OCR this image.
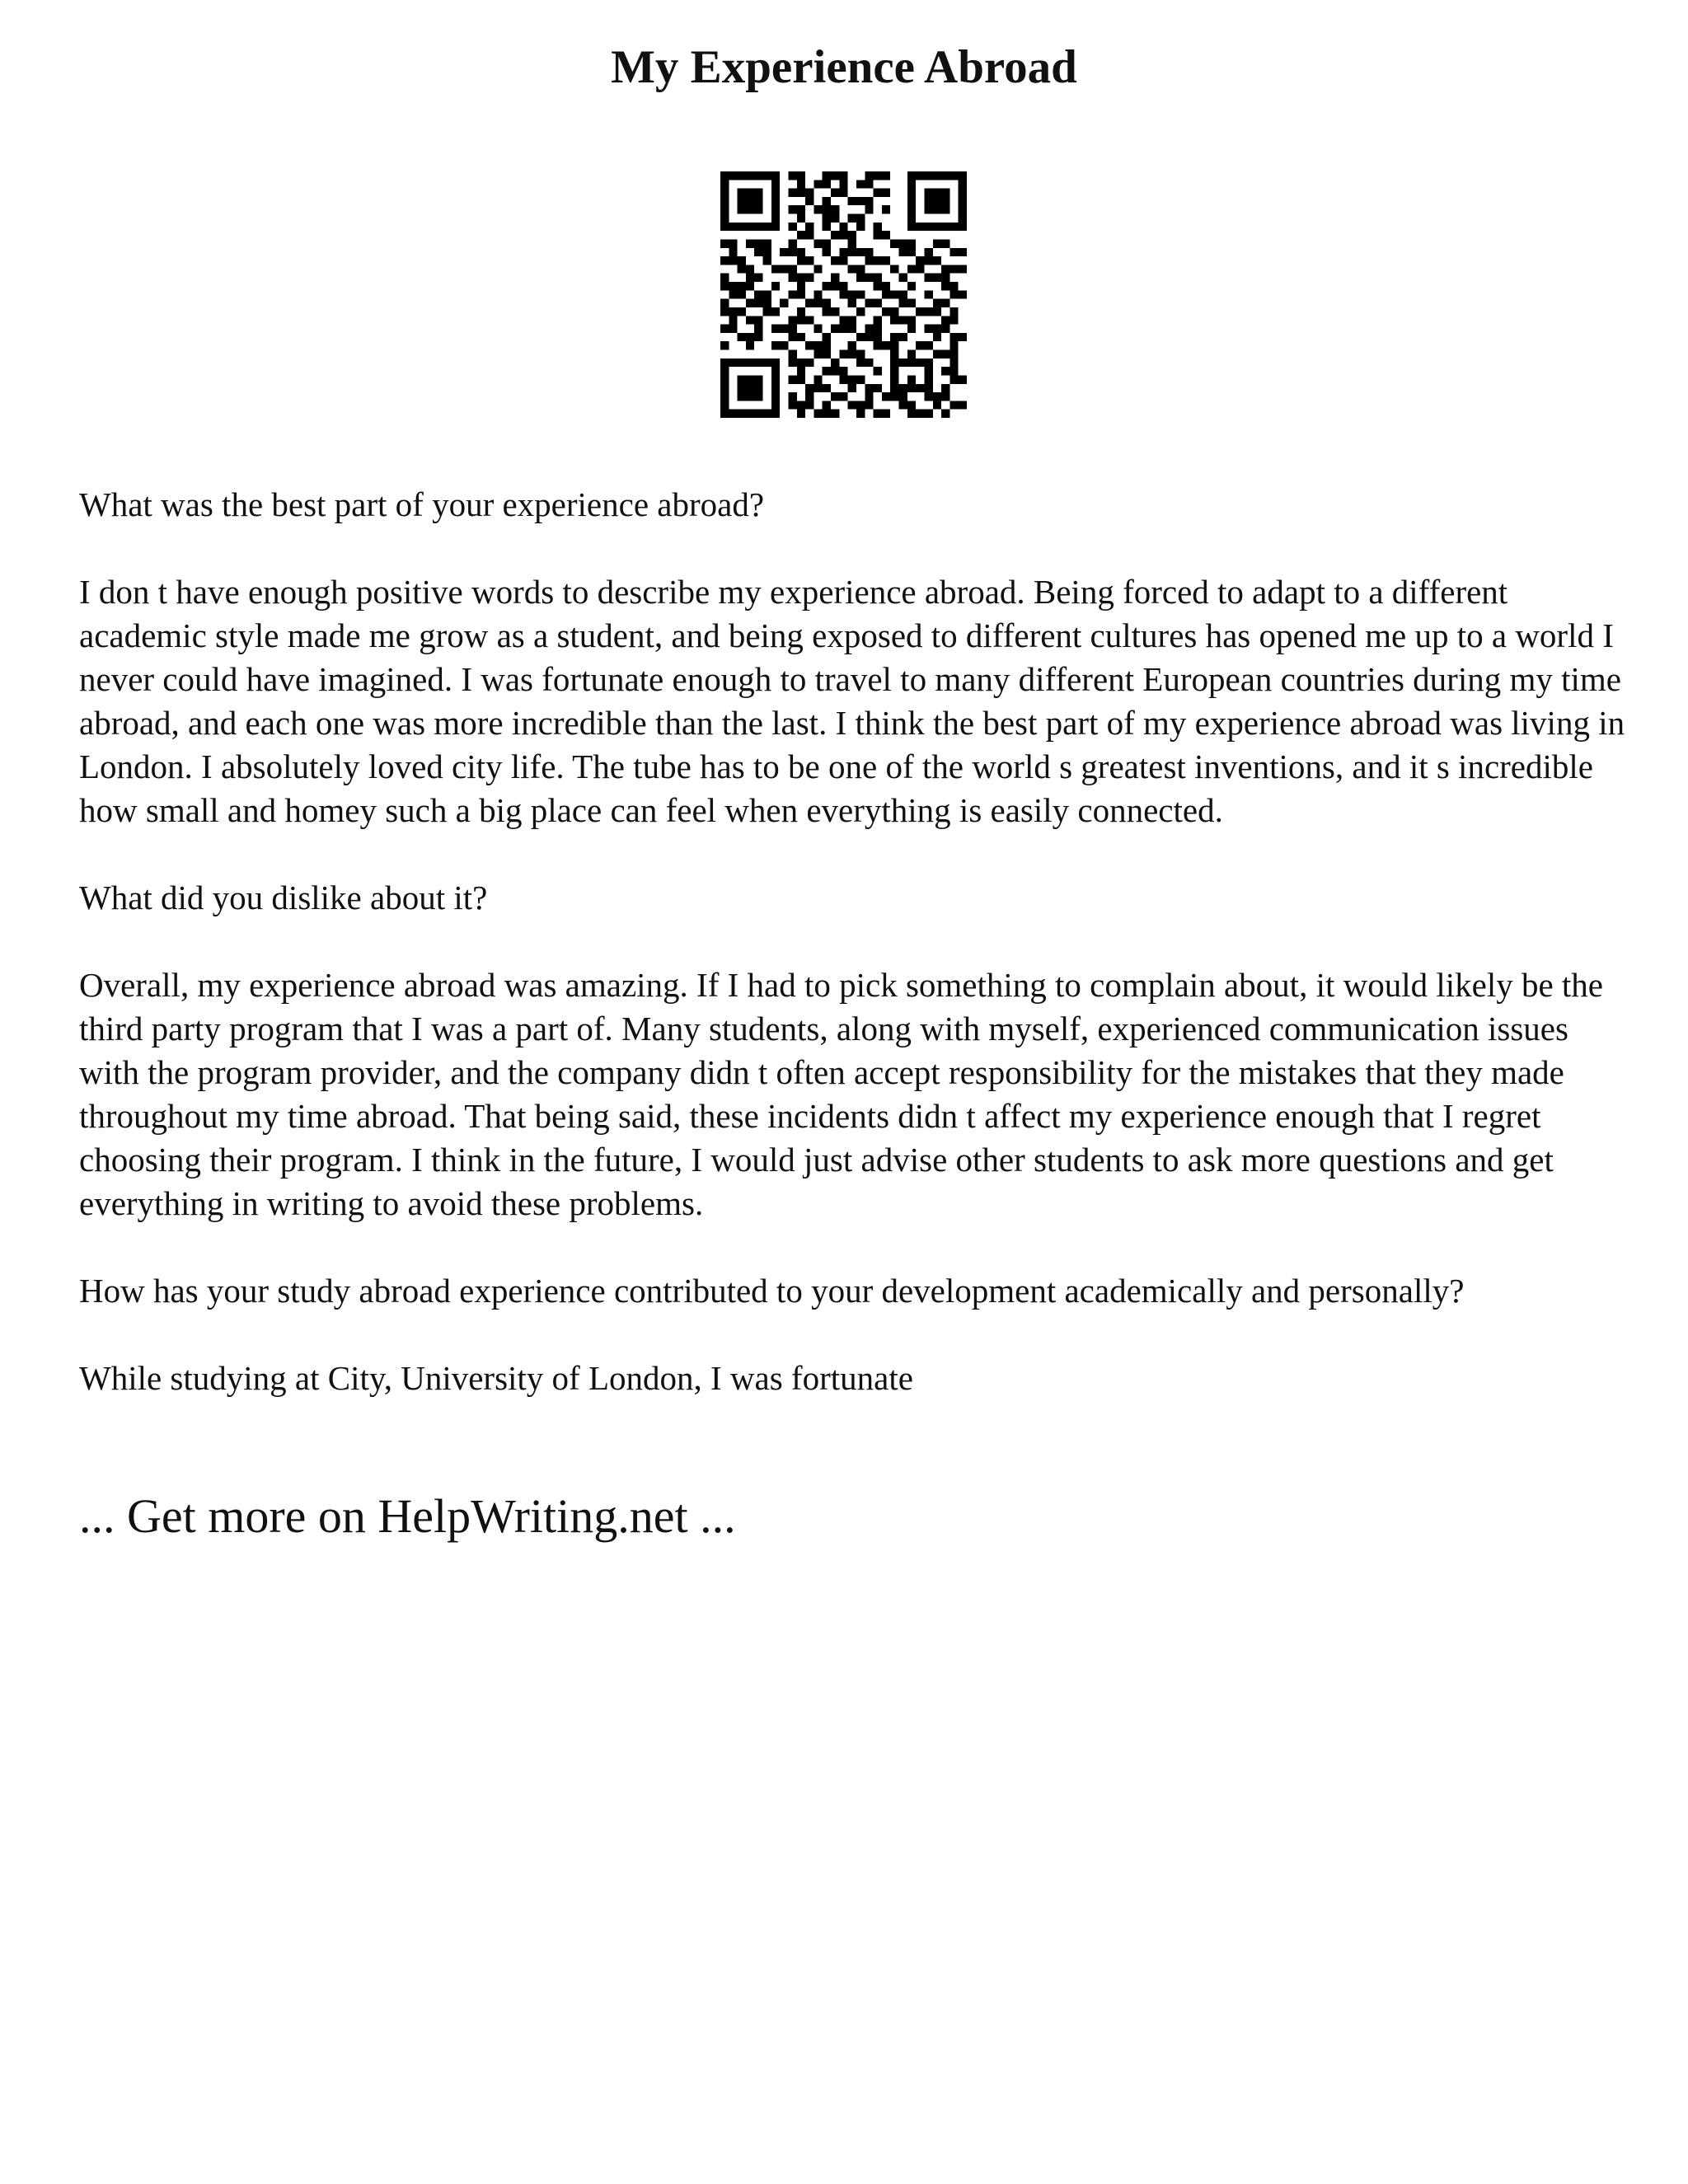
My Experience Abroad

What was the best part of your experience abroad?

I don t have enough positive words to describe my experience abroad. Being forced to adapt to a different academic style made me grow as a student, and being exposed to different cultures has opened me up to a world I never could have imagined. I was fortunate enough to travel to many different European countries during my time abroad, and each one was more incredible than the last. I think the best part of my experience abroad was living in London. I absolutely loved city life. The tube has to be one of the world s greatest inventions, and it s incredible how small and homey such a big place can feel when everything is easily connected.

What did you dislike about it?

Overall, my experience abroad was amazing. If I had to pick something to complain about, it would likely be the third party program that I was a part of. Many students, along with myself, experienced communication issues with the program provider, and the company didn t often accept responsibility for the mistakes that they made throughout my time abroad. That being said, these incidents didn t affect my experience enough that I regret choosing their program. I think in the future, I would just advise other students to ask more questions and get everything in writing to avoid these problems.

How has your study abroad experience contributed to your development academically and personally?

While studying at City, University of London, I was fortunate

... Get more on HelpWriting.net ...
